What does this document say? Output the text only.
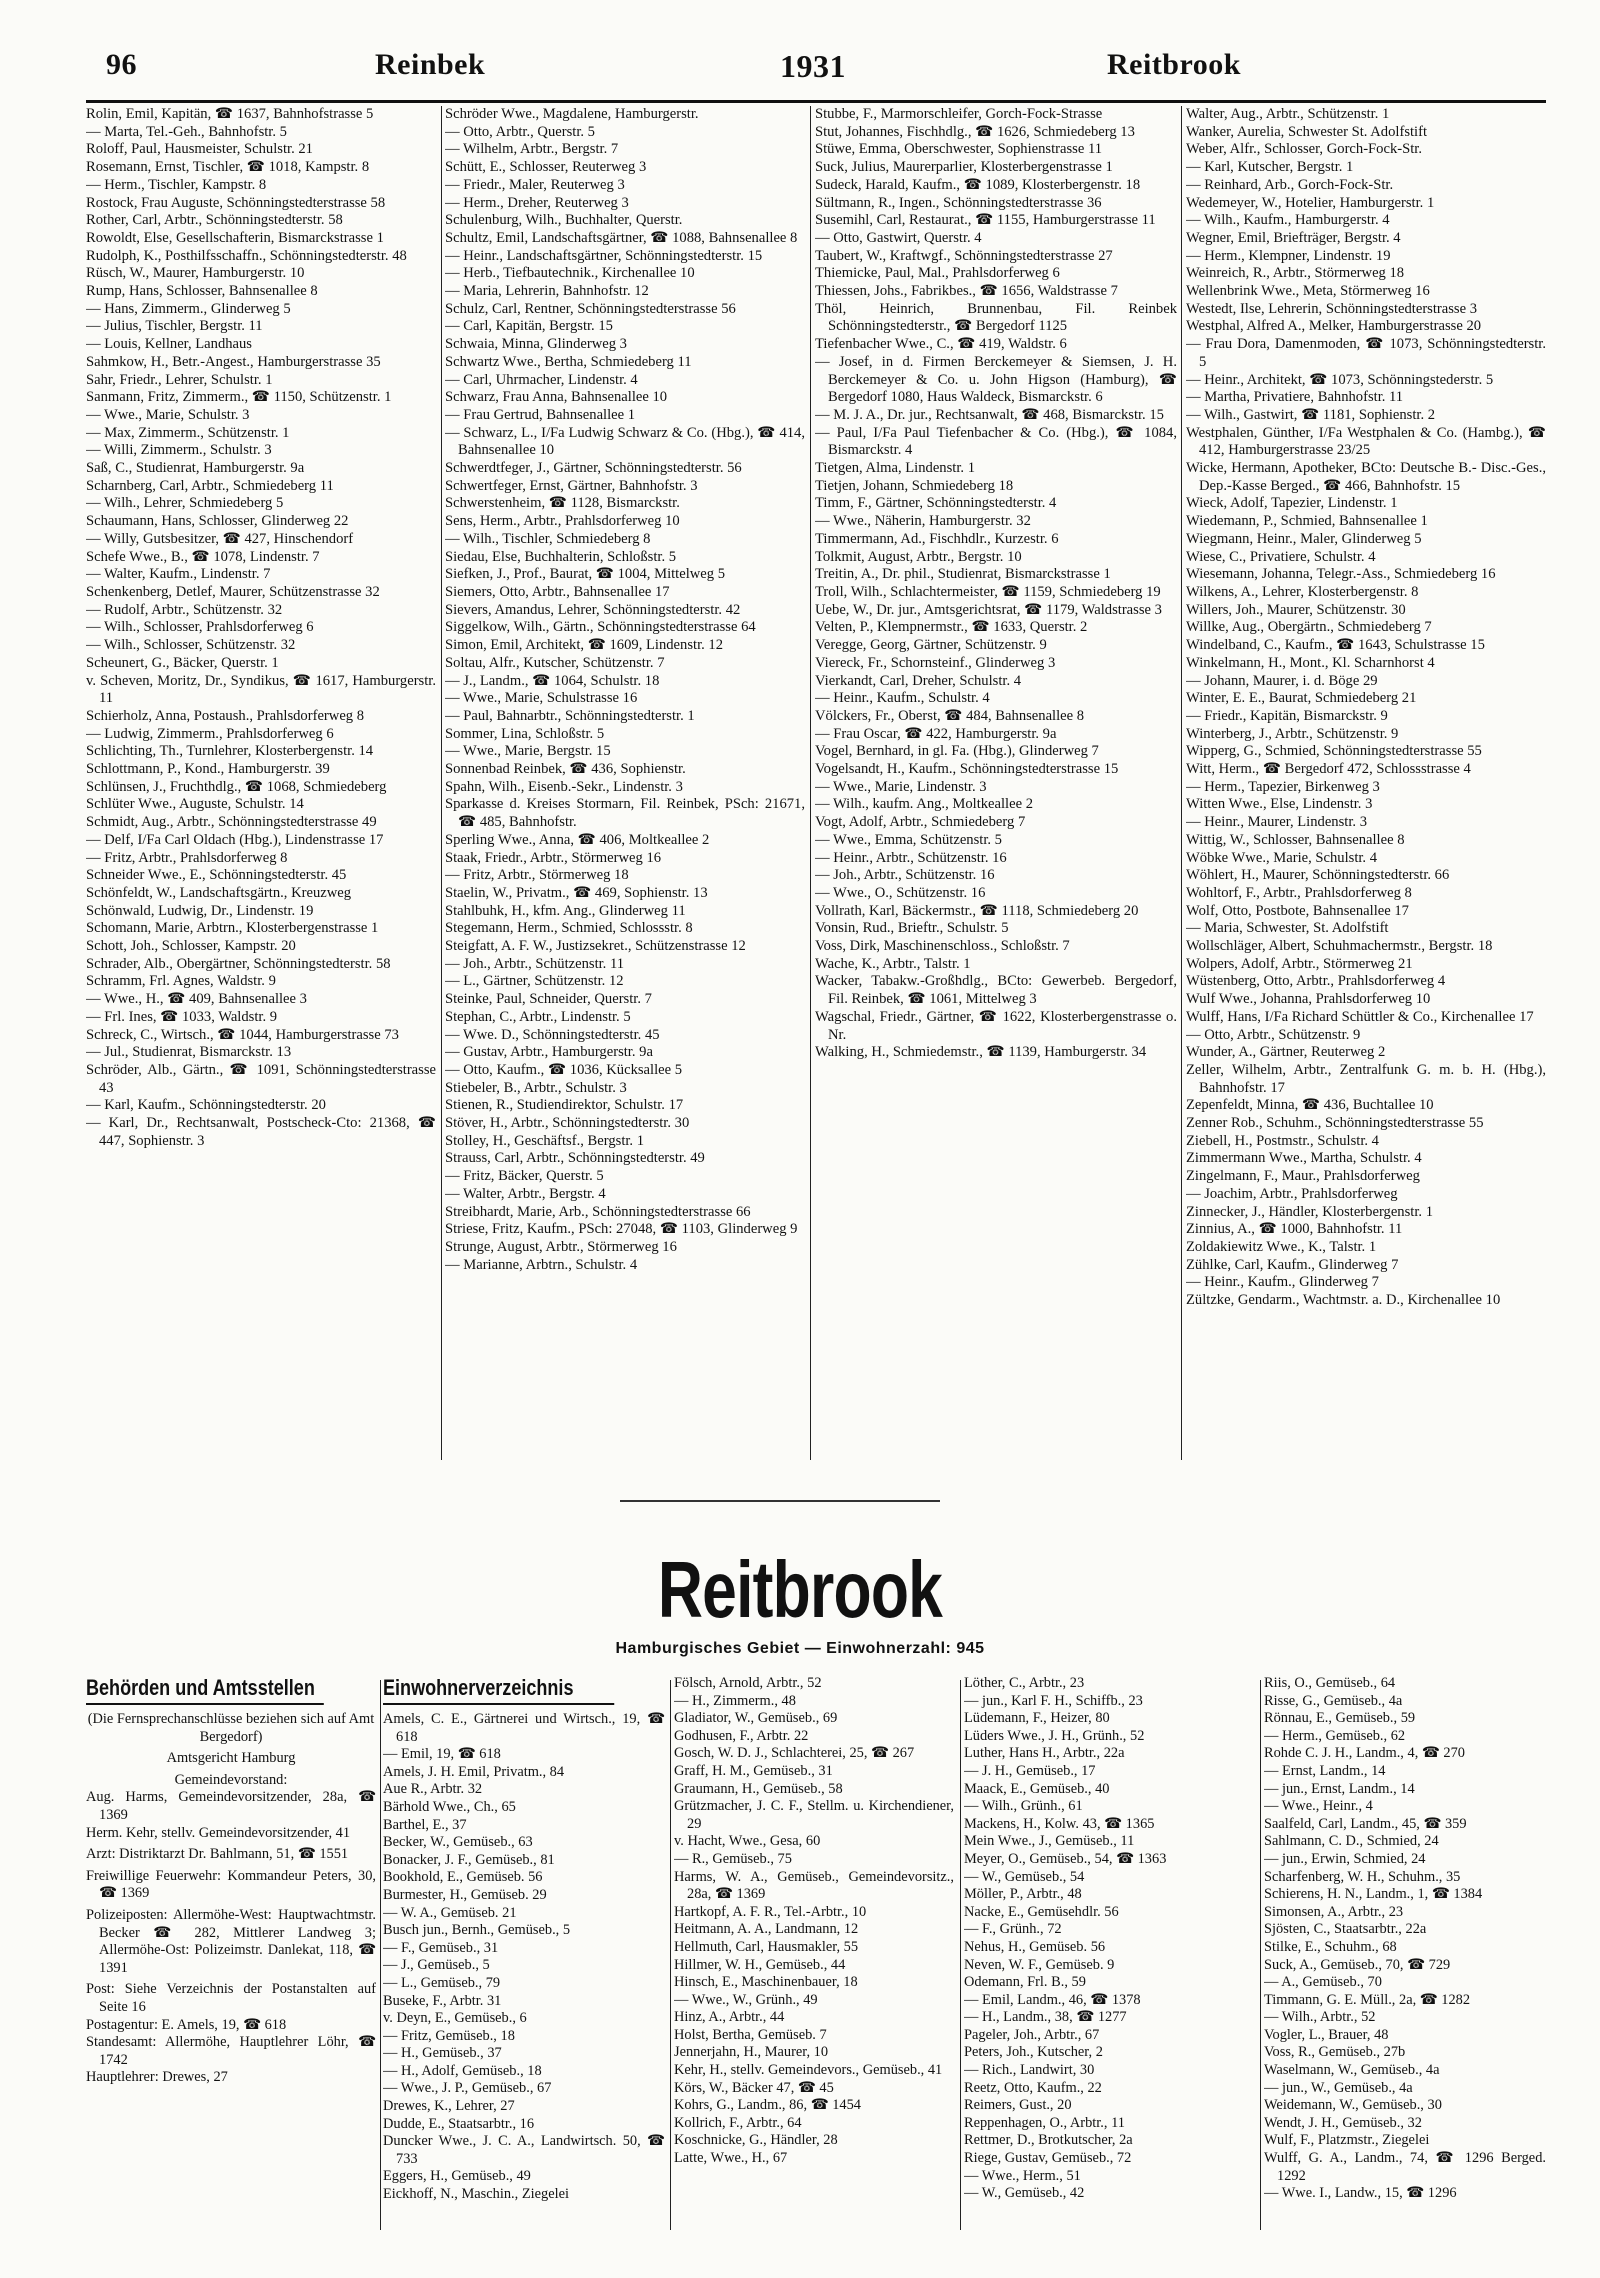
96	Reinbek	1931	Reitbrook
Rolin, Emil, Kapitän, ☎ 1637, Bahnhofstrasse 5
— Marta, Tel.-Geh., Bahnhofstr. 5
Roloff, Paul, Hausmeister, Schulstr. 21
Rosemann, Ernst, Tischler, ☎ 1018, Kampstr. 8
— Herm., Tischler, Kampstr. 8
Rostock, Frau Auguste, Schönningstedterstrasse 58
Rother, Carl, Arbtr., Schönningstedterstr. 58
Rowoldt, Else, Gesellschafterin, Bismarckstrasse 1
Rudolph, K., Posthilfsschaffn., Schönningstedterstr. 48
Rüsch, W., Maurer, Hamburgerstr. 10
Rump, Hans, Schlosser, Bahnsenallee 8
— Hans, Zimmerm., Glinderweg 5
— Julius, Tischler, Bergstr. 11
— Louis, Kellner, Landhaus
Sahmkow, H., Betr.-Angest., Hamburgerstrasse 35
Sahr, Friedr., Lehrer, Schulstr. 1
Sanmann, Fritz, Zimmerm., ☎ 1150, Schützenstr. 1
— Wwe., Marie, Schulstr. 3
— Max, Zimmerm., Schützenstr. 1
— Willi, Zimmerm., Schulstr. 3
Saß, C., Studienrat, Hamburgerstr. 9a
Scharnberg, Carl, Arbtr., Schmiedeberg 11
— Wilh., Lehrer, Schmiedeberg 5
Schaumann, Hans, Schlosser, Glinderweg 22
— Willy, Gutsbesitzer, ☎ 427, Hinschendorf
Schefe Wwe., B., ☎ 1078, Lindenstr. 7
— Walter, Kaufm., Lindenstr. 7
Schenkenberg, Detlef, Maurer, Schützenstrasse 32
— Rudolf, Arbtr., Schützenstr. 32
— Wilh., Schlosser, Prahlsdorferweg 6
— Wilh., Schlosser, Schützenstr. 32
Scheunert, G., Bäcker, Querstr. 1
v. Scheven, Moritz, Dr., Syndikus, ☎ 1617, Hamburgerstr. 11
Schierholz, Anna, Postaush., Prahlsdorferweg 8
— Ludwig, Zimmerm., Prahlsdorferweg 6
Schlichting, Th., Turnlehrer, Klosterbergenstr. 14
Schlottmann, P., Kond., Hamburgerstr. 39
Schlünsen, J., Fruchthdlg., ☎ 1068, Schmiedeberg
Schlüter Wwe., Auguste, Schulstr. 14
Schmidt, Aug., Arbtr., Schönningstedterstrasse 49
— Delf, I/Fa Carl Oldach (Hbg.), Lindenstrasse 17
— Fritz, Arbtr., Prahlsdorferweg 8
Schneider Wwe., E., Schönningstedterstr. 45
Schönfeldt, W., Landschaftsgärtn., Kreuzweg
Schönwald, Ludwig, Dr., Lindenstr. 19
Schomann, Marie, Arbtrn., Klosterbergenstrasse 1
Schott, Joh., Schlosser, Kampstr. 20
Schrader, Alb., Obergärtner, Schönningstedterstr. 58
Schramm, Frl. Agnes, Waldstr. 9
— Wwe., H., ☎ 409, Bahnsenallee 3
— Frl. Ines, ☎ 1033, Waldstr. 9
Schreck, C., Wirtsch., ☎ 1044, Hamburgerstrasse 73
— Jul., Studienrat, Bismarckstr. 13
Schröder, Alb., Gärtn., ☎ 1091, Schönningstedterstrasse 43
— Karl, Kaufm., Schönningstedterstr. 20
— Karl, Dr., Rechtsanwalt, Postscheck-Cto: 21368, ☎ 447, Sophienstr. 3
Schröder Wwe., Magdalene, Hamburgerstr.
— Otto, Arbtr., Querstr. 5
— Wilhelm, Arbtr., Bergstr. 7
Schütt, E., Schlosser, Reuterweg 3
— Friedr., Maler, Reuterweg 3
— Herm., Dreher, Reuterweg 3
Schulenburg, Wilh., Buchhalter, Querstr.
Schultz, Emil, Landschaftsgärtner, ☎ 1088, Bahnsenallee 8
— Heinr., Landschaftsgärtner, Schönningstedterstr. 15
— Herb., Tiefbautechnik., Kirchenallee 10
— Maria, Lehrerin, Bahnhofstr. 12
Schulz, Carl, Rentner, Schönningstedterstrasse 56
— Carl, Kapitän, Bergstr. 15
Schwaia, Minna, Glinderweg 3
Schwartz Wwe., Bertha, Schmiedeberg 11
— Carl, Uhrmacher, Lindenstr. 4
Schwarz, Frau Anna, Bahnsenallee 10
— Frau Gertrud, Bahnsenallee 1
— Schwarz, L., I/Fa Ludwig Schwarz & Co. (Hbg.), ☎ 414, Bahnsenallee 10
Schwerdtfeger, J., Gärtner, Schönningstedterstr. 56
Schwertfeger, Ernst, Gärtner, Bahnhofstr. 3
Schwerstenheim, ☎ 1128, Bismarckstr.
Sens, Herm., Arbtr., Prahlsdorferweg 10
— Wilh., Tischler, Schmiedeberg 8
Siedau, Else, Buchhalterin, Schloßstr. 5
Siefken, J., Prof., Baurat, ☎ 1004, Mittelweg 5
Siemers, Otto, Arbtr., Bahnsenallee 17
Sievers, Amandus, Lehrer, Schönningstedterstr. 42
Siggelkow, Wilh., Gärtn., Schönningstedterstrasse 64
Simon, Emil, Architekt, ☎ 1609, Lindenstr. 12
Soltau, Alfr., Kutscher, Schützenstr. 7
— J., Landm., ☎ 1064, Schulstr. 18
— Wwe., Marie, Schulstrasse 16
— Paul, Bahnarbtr., Schönningstedterstr. 1
Sommer, Lina, Schloßstr. 5
— Wwe., Marie, Bergstr. 15
Sonnenbad Reinbek, ☎ 436, Sophienstr.
Spahn, Wilh., Eisenb.-Sekr., Lindenstr. 3
Sparkasse d. Kreises Stormarn, Fil. Reinbek, PSch: 21671, ☎ 485, Bahnhofstr.
Sperling Wwe., Anna, ☎ 406, Moltkeallee 2
Staak, Friedr., Arbtr., Störmerweg 16
— Fritz, Arbtr., Störmerweg 18
Staelin, W., Privatm., ☎ 469, Sophienstr. 13
Stahlbuhk, H., kfm. Ang., Glinderweg 11
Stegemann, Herm., Schmied, Schlossstr. 8
Steigfatt, A. F. W., Justizsekret., Schützenstrasse 12
— Joh., Arbtr., Schützenstr. 11
— L., Gärtner, Schützenstr. 12
Steinke, Paul, Schneider, Querstr. 7
Stephan, C., Arbtr., Lindenstr. 5
— Wwe. D., Schönningstedterstr. 45
— Gustav, Arbtr., Hamburgerstr. 9a
— Otto, Kaufm., ☎ 1036, Kücksallee 5
Stiebeler, B., Arbtr., Schulstr. 3
Stienen, R., Studiendirektor, Schulstr. 17
Stöver, H., Arbtr., Schönningstedterstr. 30
Stolley, H., Geschäftsf., Bergstr. 1
Strauss, Carl, Arbtr., Schönningstedterstr. 49
— Fritz, Bäcker, Querstr. 5
— Walter, Arbtr., Bergstr. 4
Streibhardt, Marie, Arb., Schönningstedterstrasse 66
Striese, Fritz, Kaufm., PSch: 27048, ☎ 1103, Glinderweg 9
Strunge, August, Arbtr., Störmerweg 16
— Marianne, Arbtrn., Schulstr. 4
Stubbe, F., Marmorschleifer, Gorch-Fock-Strasse
Stut, Johannes, Fischhdlg., ☎ 1626, Schmiedeberg 13
Stüwe, Emma, Oberschwester, Sophienstrasse 11
Suck, Julius, Maurerparlier, Klosterbergenstrasse 1
Sudeck, Harald, Kaufm., ☎ 1089, Klosterbergenstr. 18
Sültmann, R., Ingen., Schönningstedterstrasse 36
Susemihl, Carl, Restaurat., ☎ 1155, Hamburgerstrasse 11
— Otto, Gastwirt, Querstr. 4
Taubert, W., Kraftwgf., Schönningstedterstrasse 27
Thiemicke, Paul, Mal., Prahlsdorferweg 6
Thiessen, Johs., Fabrikbes., ☎ 1656, Waldstrasse 7
Thöl, Heinrich, Brunnenbau, Fil. Reinbek Schönningstedterstr., ☎ Bergedorf 1125
Tiefenbacher Wwe., C., ☎ 419, Waldstr. 6
— Josef, in d. Firmen Berckemeyer & Siemsen, J. H. Berckemeyer & Co. u. John Higson (Hamburg), ☎ Bergedorf 1080, Haus Waldeck, Bismarckstr. 6
— M. J. A., Dr. jur., Rechtsanwalt, ☎ 468, Bismarckstr. 15
— Paul, I/Fa Paul Tiefenbacher & Co. (Hbg.), ☎ 1084, Bismarckstr. 4
Tietgen, Alma, Lindenstr. 1
Tietjen, Johann, Schmiedeberg 18
Timm, F., Gärtner, Schönningstedterstr. 4
— Wwe., Näherin, Hamburgerstr. 32
Timmermann, Ad., Fischhdlr., Kurzestr. 6
Tolkmit, August, Arbtr., Bergstr. 10
Treitin, A., Dr. phil., Studienrat, Bismarckstrasse 1
Troll, Wilh., Schlachtermeister, ☎ 1159, Schmiedeberg 19
Uebe, W., Dr. jur., Amtsgerichtsrat, ☎ 1179, Waldstrasse 3
Velten, P., Klempnermstr., ☎ 1633, Querstr. 2
Veregge, Georg, Gärtner, Schützenstr. 9
Viereck, Fr., Schornsteinf., Glinderweg 3
Vierkandt, Carl, Dreher, Schulstr. 4
— Heinr., Kaufm., Schulstr. 4
Völckers, Fr., Oberst, ☎ 484, Bahnsenallee 8
— Frau Oscar, ☎ 422, Hamburgerstr. 9a
Vogel, Bernhard, in gl. Fa. (Hbg.), Glinderweg 7
Vogelsandt, H., Kaufm., Schönningstedterstrasse 15
— Wwe., Marie, Lindenstr. 3
— Wilh., kaufm. Ang., Moltkeallee 2
Vogt, Adolf, Arbtr., Schmiedeberg 7
— Wwe., Emma, Schützenstr. 5
— Heinr., Arbtr., Schützenstr. 16
— Joh., Arbtr., Schützenstr. 16
— Wwe., O., Schützenstr. 16
Vollrath, Karl, Bäckermstr., ☎ 1118, Schmiedeberg 20
Vonsin, Rud., Brieftr., Schulstr. 5
Voss, Dirk, Maschinenschloss., Schloßstr. 7
Wache, K., Arbtr., Talstr. 1
Wacker, Tabakw.-Großhdlg., BCto: Gewerbeb. Bergedorf, Fil. Reinbek, ☎ 1061, Mittelweg 3
Wagschal, Friedr., Gärtner, ☎ 1622, Klosterbergenstrasse o. Nr.
Walking, H., Schmiedemstr., ☎ 1139, Hamburgerstr. 34
Walter, Aug., Arbtr., Schützenstr. 1
Wanker, Aurelia, Schwester St. Adolfstift
Weber, Alfr., Schlosser, Gorch-Fock-Str.
— Karl, Kutscher, Bergstr. 1
— Reinhard, Arb., Gorch-Fock-Str.
Wedemeyer, W., Hotelier, Hamburgerstr. 1
— Wilh., Kaufm., Hamburgerstr. 4
Wegner, Emil, Briefträger, Bergstr. 4
— Herm., Klempner, Lindenstr. 19
Weinreich, R., Arbtr., Störmerweg 18
Wellenbrink Wwe., Meta, Störmerweg 16
Westedt, Ilse, Lehrerin, Schönningstedterstrasse 3
Westphal, Alfred A., Melker, Hamburgerstrasse 20
— Frau Dora, Damenmoden, ☎ 1073, Schönningstedterstr. 5
— Heinr., Architekt, ☎ 1073, Schönningstederstr. 5
— Martha, Privatiere, Bahnhofstr. 11
— Wilh., Gastwirt, ☎ 1181, Sophienstr. 2
Westphalen, Günther, I/Fa Westphalen & Co. (Hambg.), ☎ 412, Hamburgerstrasse 23/25
Wicke, Hermann, Apotheker, BCto: Deutsche B.- Disc.-Ges., Dep.-Kasse Berged., ☎ 466, Bahnhofstr. 15
Wieck, Adolf, Tapezier, Lindenstr. 1
Wiedemann, P., Schmied, Bahnsenallee 1
Wiegmann, Heinr., Maler, Glinderweg 5
Wiese, C., Privatiere, Schulstr. 4
Wiesemann, Johanna, Telegr.-Ass., Schmiedeberg 16
Wilkens, A., Lehrer, Klosterbergenstr. 8
Willers, Joh., Maurer, Schützenstr. 30
Willke, Aug., Obergärtn., Schmiedeberg 7
Windelband, C., Kaufm., ☎ 1643, Schulstrasse 15
Winkelmann, H., Mont., Kl. Scharnhorst 4
— Johann, Maurer, i. d. Böge 29
Winter, E. E., Baurat, Schmiedeberg 21
— Friedr., Kapitän, Bismarckstr. 9
Winterberg, J., Arbtr., Schützenstr. 9
Wipperg, G., Schmied, Schönningstedterstrasse 55
Witt, Herm., ☎ Bergedorf 472, Schlossstrasse 4
— Herm., Tapezier, Birkenweg 3
Witten Wwe., Else, Lindenstr. 3
— Heinr., Maurer, Lindenstr. 3
Wittig, W., Schlosser, Bahnsenallee 8
Wöbke Wwe., Marie, Schulstr. 4
Wöhlert, H., Maurer, Schönningstedterstr. 66
Wohltorf, F., Arbtr., Prahlsdorferweg 8
Wolf, Otto, Postbote, Bahnsenallee 17
— Maria, Schwester, St. Adolfstift
Wollschläger, Albert, Schuhmachermstr., Bergstr. 18
Wolpers, Adolf, Arbtr., Störmerweg 21
Wüstenberg, Otto, Arbtr., Prahlsdorferweg 4
Wulf Wwe., Johanna, Prahlsdorferweg 10
Wulff, Hans, I/Fa Richard Schüttler & Co., Kirchenallee 17
— Otto, Arbtr., Schützenstr. 9
Wunder, A., Gärtner, Reuterweg 2
Zeller, Wilhelm, Arbtr., Zentralfunk G. m. b. H. (Hbg.), Bahnhofstr. 17
Zepenfeldt, Minna, ☎ 436, Buchtallee 10
Zenner Rob., Schuhm., Schönningstedterstrasse 55
Ziebell, H., Postmstr., Schulstr. 4
Zimmermann Wwe., Martha, Schulstr. 4
Zingelmann, F., Maur., Prahlsdorferweg
— Joachim, Arbtr., Prahlsdorferweg
Zinnecker, J., Händler, Klosterbergenstr. 1
Zinnius, A., ☎ 1000, Bahnhofstr. 11
Zoldakiewitz Wwe., K., Talstr. 1
Zühlke, Carl, Kaufm., Glinderweg 7
— Heinr., Kaufm., Glinderweg 7
Zültzke, Gendarm., Wachtmstr. a. D., Kirchenallee 10
Reitbrook
Hamburgisches Gebiet — Einwohnerzahl: 945
Behörden und Amtsstellen
(Die Fernsprechanschlüsse beziehen sich auf Amt Bergedorf)
Amtsgericht Hamburg
Gemeindevorstand:
Aug. Harms, Gemeindevorsitzender, 28a, ☎ 1369
Herm. Kehr, stellv. Gemeindevorsitzender, 41
Arzt: Distriktarzt Dr. Bahlmann, 51, ☎ 1551
Freiwillige Feuerwehr: Kommandeur Peters, 30, ☎ 1369
Polizeiposten: Allermöhe-West: Hauptwachtmstr. Becker ☎ 282, Mittlerer Landweg 3; Allermöhe-Ost: Polizeimstr. Danlekat, 118, ☎ 1391
Post: Siehe Verzeichnis der Postanstalten auf Seite 16
Postagentur: E. Amels, 19, ☎ 618
Standesamt: Allermöhe, Hauptlehrer Löhr, ☎ 1742
Hauptlehrer: Drewes, 27
Einwohnerverzeichnis
Amels, C. E., Gärtnerei und Wirtsch., 19, ☎ 618
— Emil, 19, ☎ 618
Amels, J. H. Emil, Privatm., 84
Aue R., Arbtr. 32
Bärhold Wwe., Ch., 65
Barthel, E., 37
Becker, W., Gemüseb., 63
Bonacker, J. F., Gemüseb., 81
Bookhold, E., Gemüseb. 56
Burmester, H., Gemüseb. 29
— W. A., Gemüseb. 21
Busch jun., Bernh., Gemüseb., 5
— F., Gemüseb., 31
— J., Gemüseb., 5
— L., Gemüseb., 79
Buseke, F., Arbtr. 31
v. Deyn, E., Gemüseb., 6
— Fritz, Gemüseb., 18
— H., Gemüseb., 37
— H., Adolf, Gemüseb., 18
— Wwe., J. P., Gemüseb., 67
Drewes, K., Lehrer, 27
Dudde, E., Staatsarbtr., 16
Duncker Wwe., J. C. A., Landwirtsch. 50, ☎ 733
Eggers, H., Gemüseb., 49
Eickhoff, N., Maschin., Ziegelei
Fölsch, Arnold, Arbtr., 52
— H., Zimmerm., 48
Gladiator, W., Gemüseb., 69
Godhusen, F., Arbtr. 22
Gosch, W. D. J., Schlachterei, 25, ☎ 267
Graff, H. M., Gemüseb., 31
Graumann, H., Gemüseb., 58
Grützmacher, J. C. F., Stellm. u. Kirchendiener, 29
v. Hacht, Wwe., Gesa, 60
— R., Gemüseb., 75
Harms, W. A., Gemüseb., Gemeindevorsitz., 28a, ☎ 1369
Hartkopf, A. F. R., Tel.-Arbtr., 10
Heitmann, A. A., Landmann, 12
Hellmuth, Carl, Hausmakler, 55
Hillmer, W. H., Gemüseb., 44
Hinsch, E., Maschinenbauer, 18
— Wwe., W., Grünh., 49
Hinz, A., Arbtr., 44
Holst, Bertha, Gemüseb. 7
Jennerjahn, H., Maurer, 10
Kehr, H., stellv. Gemeindevors., Gemüseb., 41
Körs, W., Bäcker 47, ☎ 45
Kohrs, G., Landm., 86, ☎ 1454
Kollrich, F., Arbtr., 64
Koschnicke, G., Händler, 28
Latte, Wwe., H., 67
Löther, C., Arbtr., 23
— jun., Karl F. H., Schiffb., 23
Lüdemann, F., Heizer, 80
Lüders Wwe., J. H., Grünh., 52
Luther, Hans H., Arbtr., 22a
— J. H., Gemüseb., 17
Maack, E., Gemüseb., 40
— Wilh., Grünh., 61
Mackens, H., Kolw. 43, ☎ 1365
Mein Wwe., J., Gemüseb., 11
Meyer, O., Gemüseb., 54, ☎ 1363
— W., Gemüseb., 54
Möller, P., Arbtr., 48
Nacke, E., Gemüsehdlr. 56
— F., Grünh., 72
Nehus, H., Gemüseb. 56
Neven, W. F., Gemüseb. 9
Odemann, Frl. B., 59
— Emil, Landm., 46, ☎ 1378
— H., Landm., 38, ☎ 1277
Pageler, Joh., Arbtr., 67
Peters, Joh., Kutscher, 2
— Rich., Landwirt, 30
Reetz, Otto, Kaufm., 22
Reimers, Gust., 20
Reppenhagen, O., Arbtr., 11
Rettmer, D., Brotkutscher, 2a
Riege, Gustav, Gemüseb., 72
— Wwe., Herm., 51
— W., Gemüseb., 42
Riis, O., Gemüseb., 64
Risse, G., Gemüseb., 4a
Rönnau, E., Gemüseb., 59
— Herm., Gemüseb., 62
Rohde C. J. H., Landm., 4, ☎ 270
— Ernst, Landm., 14
— jun., Ernst, Landm., 14
— Wwe., Heinr., 4
Saalfeld, Carl, Landm., 45, ☎ 359
Sahlmann, C. D., Schmied, 24
— jun., Erwin, Schmied, 24
Scharfenberg, W. H., Schuhm., 35
Schierens, H. N., Landm., 1, ☎ 1384
Simonsen, A., Arbtr., 23
Sjösten, C., Staatsarbtr., 22a
Stilke, E., Schuhm., 68
Suck, A., Gemüseb., 70, ☎ 729
— A., Gemüseb., 70
Timmann, G. E. Müll., 2a, ☎ 1282
— Wilh., Arbtr., 52
Vogler, L., Brauer, 48
Voss, R., Gemüseb., 27b
Waselmann, W., Gemüseb., 4a
— jun., W., Gemüseb., 4a
Weidemann, W., Gemüseb., 30
Wendt, J. H., Gemüseb., 32
Wulf, F., Platzmstr., Ziegelei
Wulff, G. A., Landm., 74, ☎ 1296 Berged. 1292
— Wwe. I., Landw., 15, ☎ 1296
